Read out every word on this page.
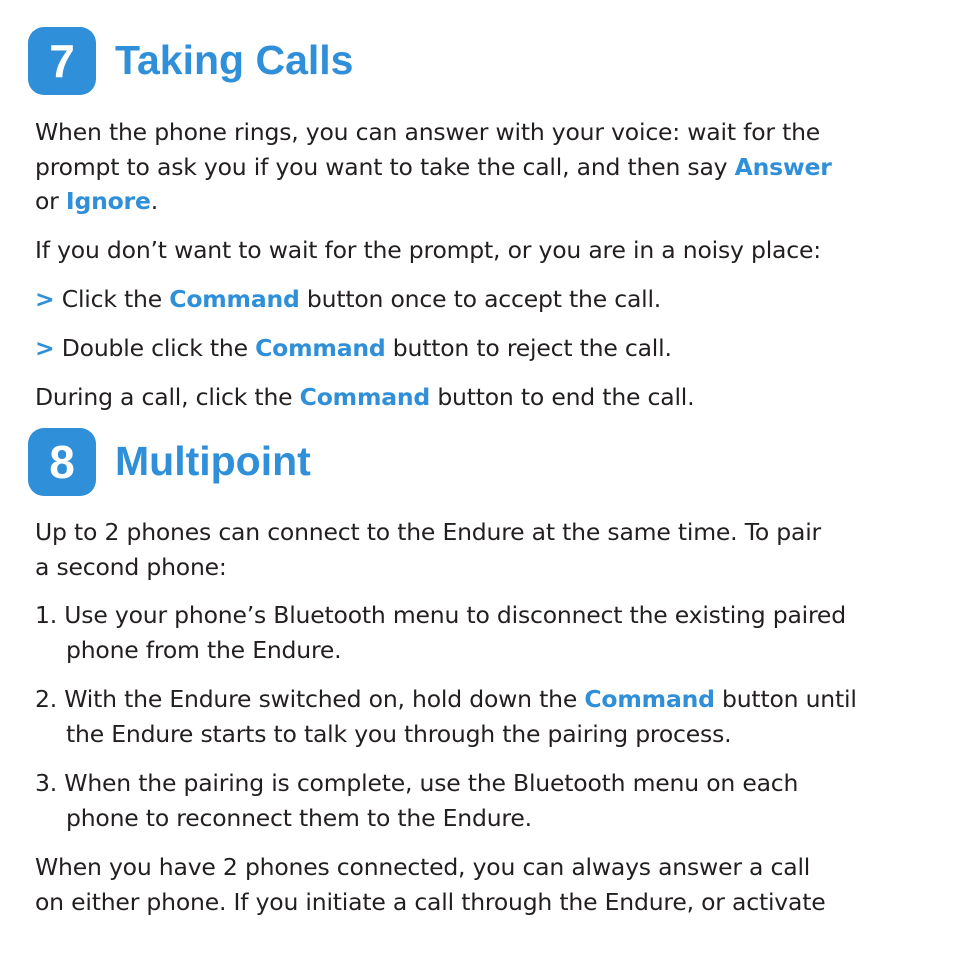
7 Taking Calls

When the phone rings, you can answer with your voice: wait for the
prompt to ask you if you want to take the call, and then say Answer
or Ignore.

If you don’t want to wait for the prompt, or you are in a noisy place:

> Click the Command button once to accept the call.

> Double click the Command button to reject the call.

During a call, click the Command button to end the call.

8 Multipoint

Up to 2 phones can connect to the Endure at the same time. To pair
a second phone:

1. Use your phone’s Bluetooth menu to disconnect the existing paired
phone from the Endure.

2. With the Endure switched on, hold down the Command button until
the Endure starts to talk you through the pairing process.

3. When the pairing is complete, use the Bluetooth menu on each
phone to reconnect them to the Endure.

When you have 2 phones connected, you can always answer a call
on either phone. If you initiate a call through the Endure, or activate
